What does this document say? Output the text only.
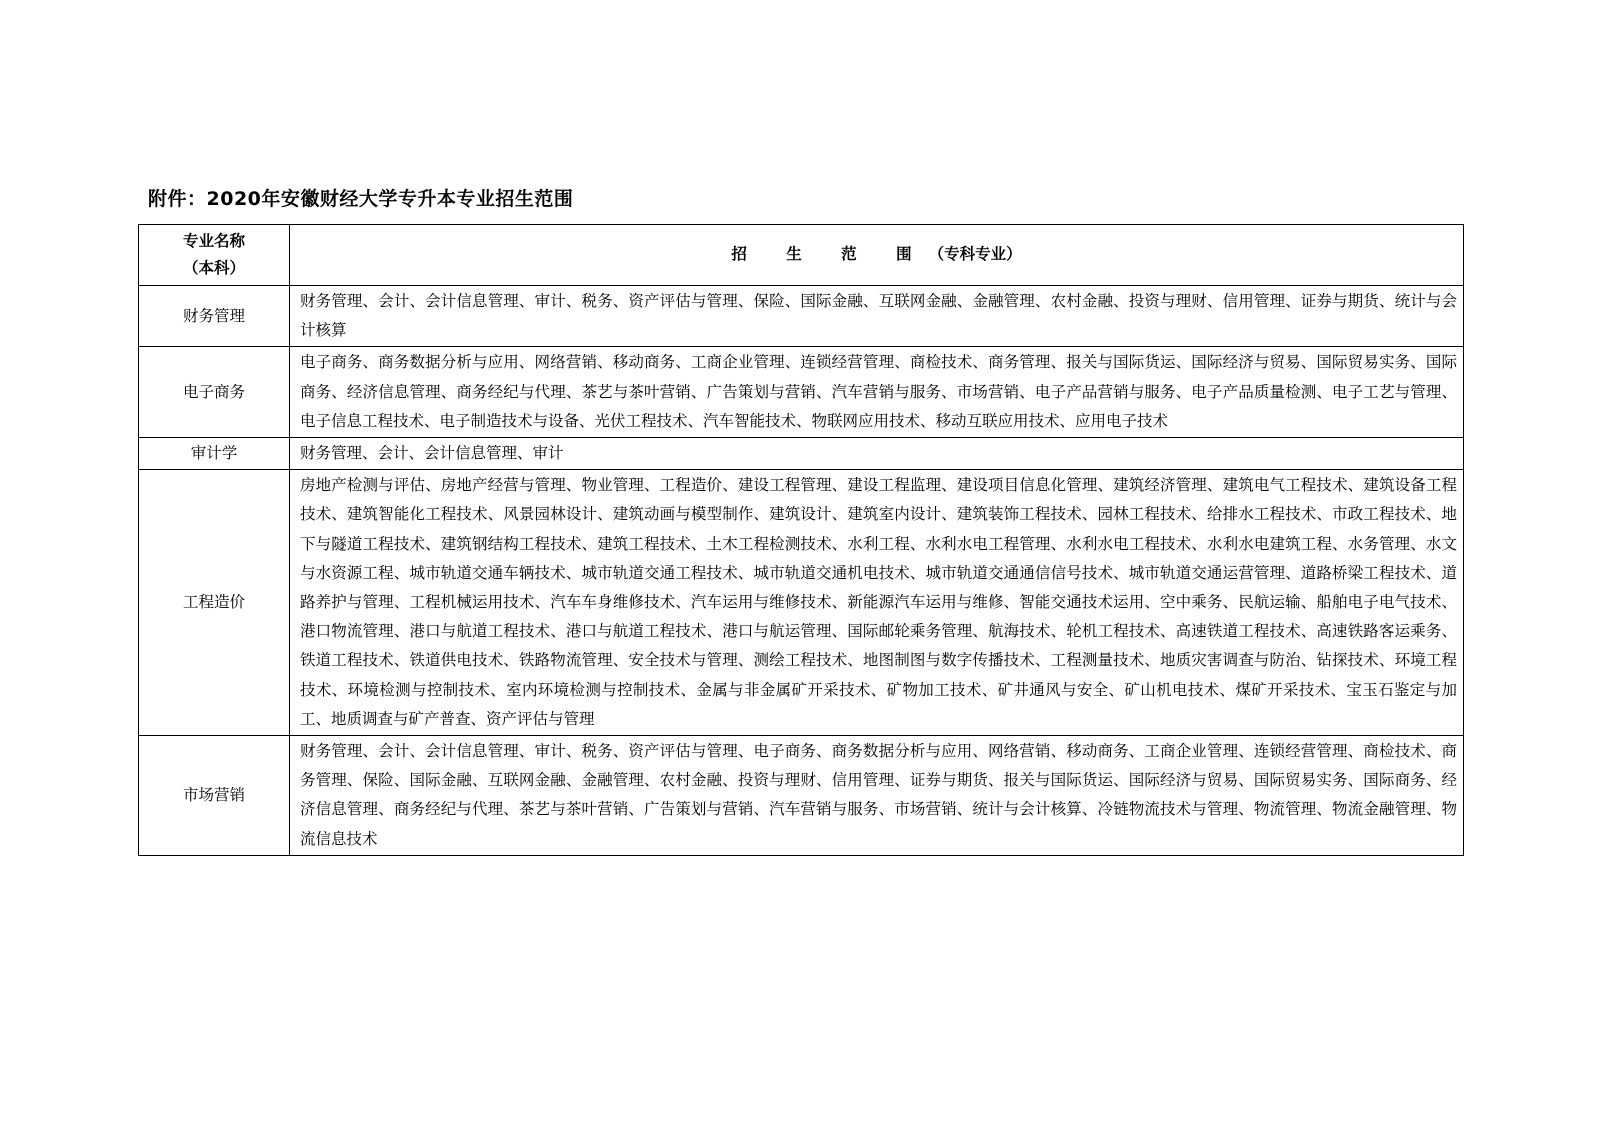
附件：2020年安徽财经大学专升本专业招生范围
专业名称
（本科）	招 生 范 围（专科专业）
财务管理	财务管理、会计、会计信息管理、审计、税务、资产评估与管理、保险、国际金融、互联网金融、金融管理、农村金融、投资与理财、信用管理、证券与期货、统计与会计核算
电子商务	电子商务、商务数据分析与应用、网络营销、移动商务、工商企业管理、连锁经营管理、商检技术、商务管理、报关与国际货运、国际经济与贸易、国际贸易实务、国际商务、经济信息管理、商务经纪与代理、茶艺与茶叶营销、广告策划与营销、汽车营销与服务、市场营销、电子产品营销与服务、电子产品质量检测、电子工艺与管理、电子信息工程技术、电子制造技术与设备、光伏工程技术、汽车智能技术、物联网应用技术、移动互联应用技术、应用电子技术
审计学	财务管理、会计、会计信息管理、审计
工程造价	房地产检测与评估、房地产经营与管理、物业管理、工程造价、建设工程管理、建设工程监理、建设项目信息化管理、建筑经济管理、建筑电气工程技术、建筑设备工程技术、建筑智能化工程技术、风景园林设计、建筑动画与模型制作、建筑设计、建筑室内设计、建筑装饰工程技术、园林工程技术、给排水工程技术、市政工程技术、地下与隧道工程技术、建筑钢结构工程技术、建筑工程技术、土木工程检测技术、水利工程、水利水电工程管理、水利水电工程技术、水利水电建筑工程、水务管理、水文与水资源工程、城市轨道交通车辆技术、城市轨道交通工程技术、城市轨道交通机电技术、城市轨道交通通信信号技术、城市轨道交通运营管理、道路桥梁工程技术、道路养护与管理、工程机械运用技术、汽车车身维修技术、汽车运用与维修技术、新能源汽车运用与维修、智能交通技术运用、空中乘务、民航运输、船舶电子电气技术、港口物流管理、港口与航道工程技术、港口与航道工程技术、港口与航运管理、国际邮轮乘务管理、航海技术、轮机工程技术、高速铁道工程技术、高速铁路客运乘务、铁道工程技术、铁道供电技术、铁路物流管理、安全技术与管理、测绘工程技术、地图制图与数字传播技术、工程测量技术、地质灾害调查与防治、钻探技术、环境工程技术、环境检测与控制技术、室内环境检测与控制技术、金属与非金属矿开采技术、矿物加工技术、矿井通风与安全、矿山机电技术、煤矿开采技术、宝玉石鉴定与加工、地质调查与矿产普查、资产评估与管理
市场营销	财务管理、会计、会计信息管理、审计、税务、资产评估与管理、电子商务、商务数据分析与应用、网络营销、移动商务、工商企业管理、连锁经营管理、商检技术、商务管理、保险、国际金融、互联网金融、金融管理、农村金融、投资与理财、信用管理、证券与期货、报关与国际货运、国际经济与贸易、国际贸易实务、国际商务、经济信息管理、商务经纪与代理、茶艺与茶叶营销、广告策划与营销、汽车营销与服务、市场营销、统计与会计核算、冷链物流技术与管理、物流管理、物流金融管理、物流信息技术
